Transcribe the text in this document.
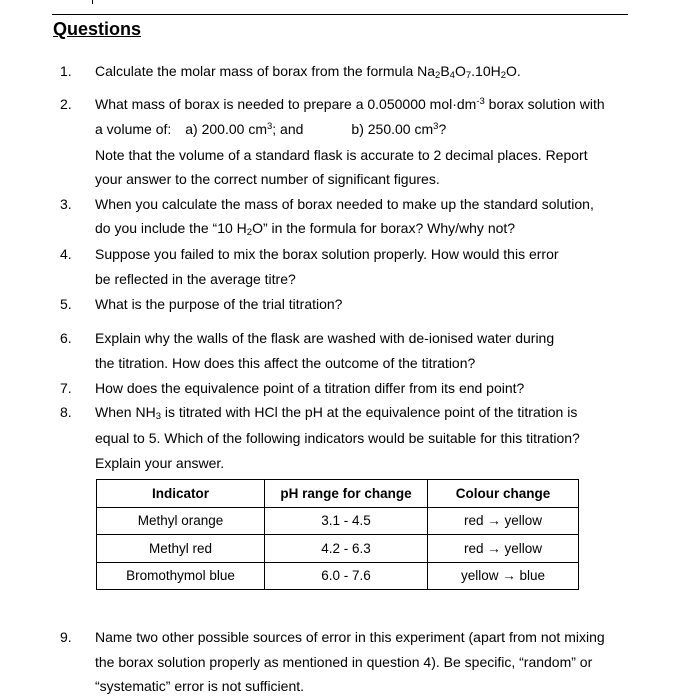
Questions
1. Calculate the molar mass of borax from the formula $Na_2B_4O_7.10H_2O$.
2. What mass of borax is needed to prepare a 0.050000 $mol\cdot dm^{-3}$ borax solution with
a volume of: a) 200.00 $cm^3$; and	b) 250.00 $cm^3$?
Note that the volume of a standard flask is accurate to 2 decimal places. Report
your answer to the correct number of significant figures.
3. When you calculate the mass of borax needed to make up the standard solution,
do you include the “10 $H_2O$” in the formula for borax? Why/why not?
4. Suppose you failed to mix the borax solution properly. How would this error
be reflected in the average titre?
5. What is the purpose of the trial titration?
6. Explain why the walls of the flask are washed with de-ionised water during
the titration. How does this affect the outcome of the titration?
7. How does the equivalence point of a titration differ from its end point?
8. When $NH_3$ is titrated with HCl the pH at the equivalence point of the titration is
equal to 5. Which of the following indicators would be suitable for this titration?
Explain your answer.
Indicator	pH range for change	Colour change
Methyl orange	3.1 - 4.5	red → yellow
Methyl red	4.2 - 6.3	red → yellow
Bromothymol blue	6.0 - 7.6	yellow → blue
9. Name two other possible sources of error in this experiment (apart from not mixing
the borax solution properly as mentioned in question 4). Be specific, “random” or
“systematic” error is not sufficient.
